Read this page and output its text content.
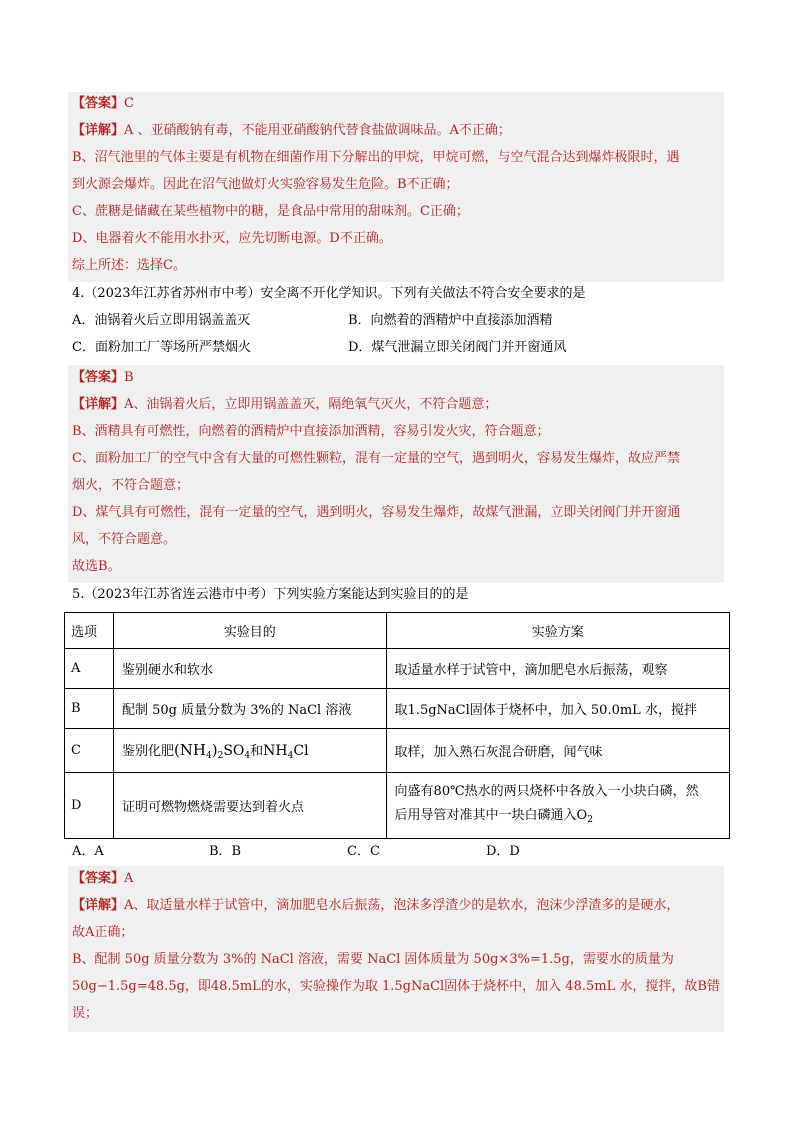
【答案】C
【详解】A 、亚硝酸钠有毒，不能用亚硝酸钠代替食盐做调味品。A不正确；
B、沼气池里的气体主要是有机物在细菌作用下分解出的甲烷，甲烷可燃，与空气混合达到爆炸极限时，遇
到火源会爆炸。因此在沼气池做灯火实验容易发生危险。B不正确；
C、蔗糖是储藏在某些植物中的糖，是食品中常用的甜味剂。C正确；
D、电器着火不能用水扑灭，应先切断电源。D不正确。
综上所述：选择C。
4.（2023年江苏省苏州市中考）安全离不开化学知识。下列有关做法不符合安全要求的是
A．油锅着火后立即用锅盖盖灭	B．向燃着的酒精炉中直接添加酒精
C．面粉加工厂等场所严禁烟火	D．煤气泄漏立即关闭阀门并开窗通风
【答案】B
【详解】A、油锅着火后，立即用锅盖盖灭，隔绝氧气灭火，不符合题意；
B、酒精具有可燃性，向燃着的酒精炉中直接添加酒精，容易引发火灾，符合题意；
C、面粉加工厂的空气中含有大量的可燃性颗粒，混有一定量的空气，遇到明火，容易发生爆炸，故应严禁
烟火，不符合题意；
D、煤气具有可燃性，混有一定量的空气，遇到明火，容易发生爆炸，故煤气泄漏，立即关闭阀门并开窗通
风，不符合题意。
故选B。
5.（2023年江苏省连云港市中考）下列实验方案能达到实验目的的是
选项	实验目的	实验方案
A	鉴别硬水和软水	取适量水样于试管中，滴加肥皂水后振荡，观察
B	配制 50g 质量分数为 3%的 NaCl 溶液	取1.5gNaCl固体于烧杯中，加入 50.0mL 水，搅拌
C	鉴别化肥$(NH_4)_2SO_4$和$NH_4Cl$	取样，加入熟石灰混合研磨，闻气味
D	证明可燃物燃烧需要达到着火点	向盛有80℃热水的两只烧杯中各放入一小块白磷，然
后用导管对准其中一块白磷通入$O_2$
A．A	B．B	C．C	D．D
【答案】A
【详解】A、取适量水样于试管中，滴加肥皂水后振荡，泡沫多浮渣少的是软水，泡沫少浮渣多的是硬水，
故A正确；
B、配制 50g 质量分数为 3%的 NaCl 溶液，需要 NaCl 固体质量为 50g×3%=1.5g，需要水的质量为
50g−1.5g=48.5g，即48.5mL的水，实验操作为取 1.5gNaCl固体于烧杯中，加入 48.5mL 水，搅拌，故B错
误；
